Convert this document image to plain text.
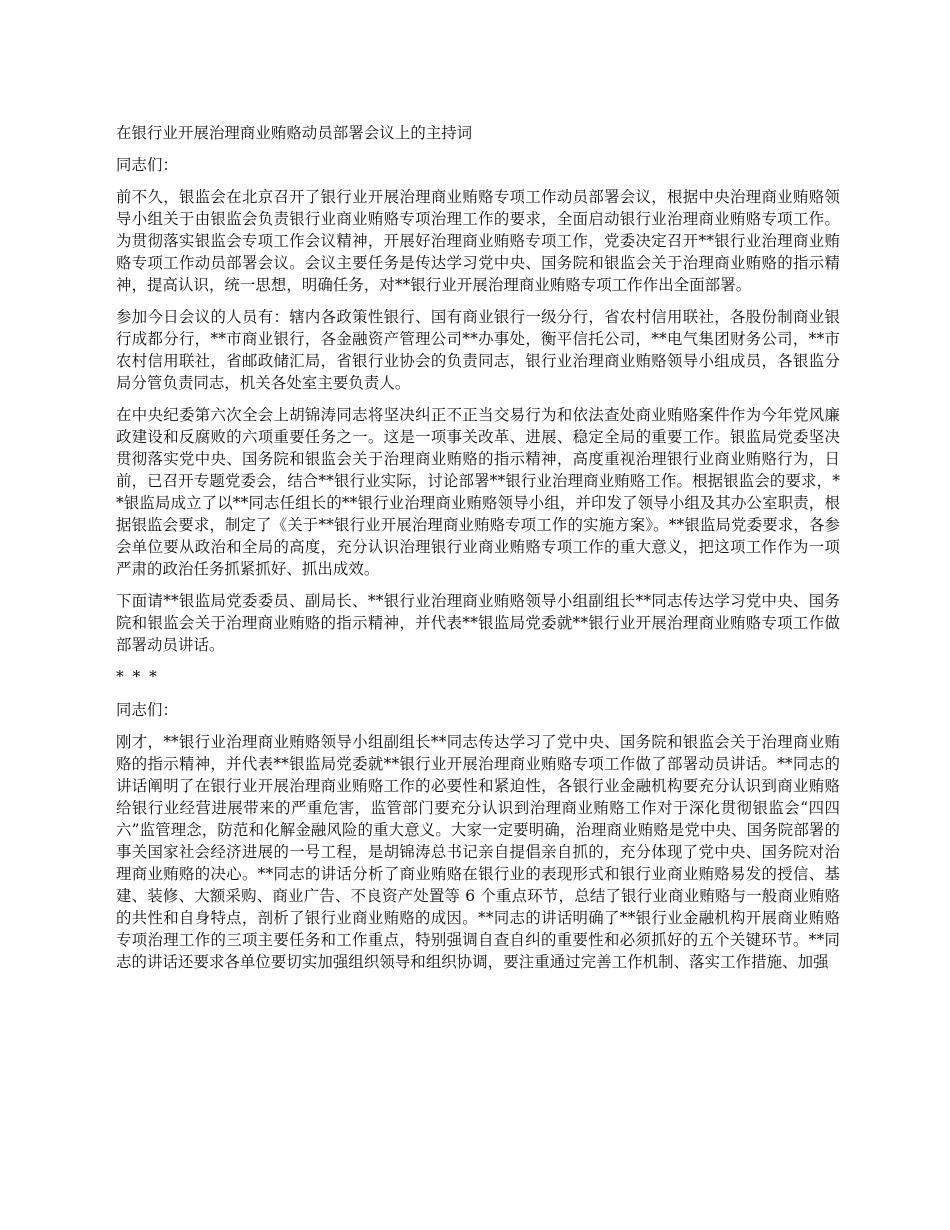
在银行业开展治理商业贿赂动员部署会议上的主持词
同志们：
前不久，银监会在北京召开了银行业开展治理商业贿赂专项工作动员部署会议，根据中央治理商业贿赂领导小组关于由银监会负责银行业商业贿赂专项治理工作的要求，全面启动银行业治理商业贿赂专项工作。为贯彻落实银监会专项工作会议精神，开展好治理商业贿赂专项工作，党委决定召开**银行业治理商业贿赂专项工作动员部署会议。会议主要任务是传达学习党中央、国务院和银监会关于治理商业贿赂的指示精神，提高认识，统一思想，明确任务，对**银行业开展治理商业贿赂专项工作作出全面部署。
参加今日会议的人员有：辖内各政策性银行、国有商业银行一级分行，省农村信用联社，各股份制商业银行成都分行，**市商业银行，各金融资产管理公司**办事处，衡平信托公司，**电气集团财务公司，**市农村信用联社，省邮政储汇局，省银行业协会的负责同志，银行业治理商业贿赂领导小组成员，各银监分局分管负责同志，机关各处室主要负责人。
在中央纪委第六次全会上胡锦涛同志将坚决纠正不正当交易行为和依法查处商业贿赂案件作为今年党风廉政建设和反腐败的六项重要任务之一。这是一项事关改革、进展、稳定全局的重要工作。银监局党委坚决贯彻落实党中央、国务院和银监会关于治理商业贿赂的指示精神，高度重视治理银行业商业贿赂行为，日前，已召开专题党委会，结合**银行业实际，讨论部署**银行业治理商业贿赂工作。根据银监会的要求，**银监局成立了以**同志任组长的**银行业治理商业贿赂领导小组，并印发了领导小组及其办公室职责，根据银监会要求，制定了《关于**银行业开展治理商业贿赂专项工作的实施方案》。**银监局党委要求，各参会单位要从政治和全局的高度，充分认识治理银行业商业贿赂专项工作的重大意义，把这项工作作为一项严肃的政治任务抓紧抓好、抓出成效。
下面请**银监局党委委员、副局长、**银行业治理商业贿赂领导小组副组长**同志传达学习党中央、国务院和银监会关于治理商业贿赂的指示精神，并代表**银监局党委就**银行业开展治理商业贿赂专项工作做部署动员讲话。
* * *
同志们：
刚才，**银行业治理商业贿赂领导小组副组长**同志传达学习了党中央、国务院和银监会关于治理商业贿赂的指示精神，并代表**银监局党委就**银行业开展治理商业贿赂专项工作做了部署动员讲话。**同志的讲话阐明了在银行业开展治理商业贿赂工作的必要性和紧迫性，各银行业金融机构要充分认识到商业贿赂给银行业经营进展带来的严重危害，监管部门要充分认识到治理商业贿赂工作对于深化贯彻银监会“四四六”监管理念，防范和化解金融风险的重大意义。大家一定要明确，治理商业贿赂是党中央、国务院部署的事关国家社会经济进展的一号工程，是胡锦涛总书记亲自提倡亲自抓的，充分体现了党中央、国务院对治理商业贿赂的决心。**同志的讲话分析了商业贿赂在银行业的表现形式和银行业商业贿赂易发的授信、基建、装修、大额采购、商业广告、不良资产处置等 6 个重点环节，总结了银行业商业贿赂与一般商业贿赂的共性和自身特点，剖析了银行业商业贿赂的成因。**同志的讲话明确了**银行业金融机构开展商业贿赂专项治理工作的三项主要任务和工作重点，特别强调自查自纠的重要性和必须抓好的五个关键环节。**同志的讲话还要求各单位要切实加强组织领导和组织协调，要注重通过完善工作机制、落实工作措施、加强
